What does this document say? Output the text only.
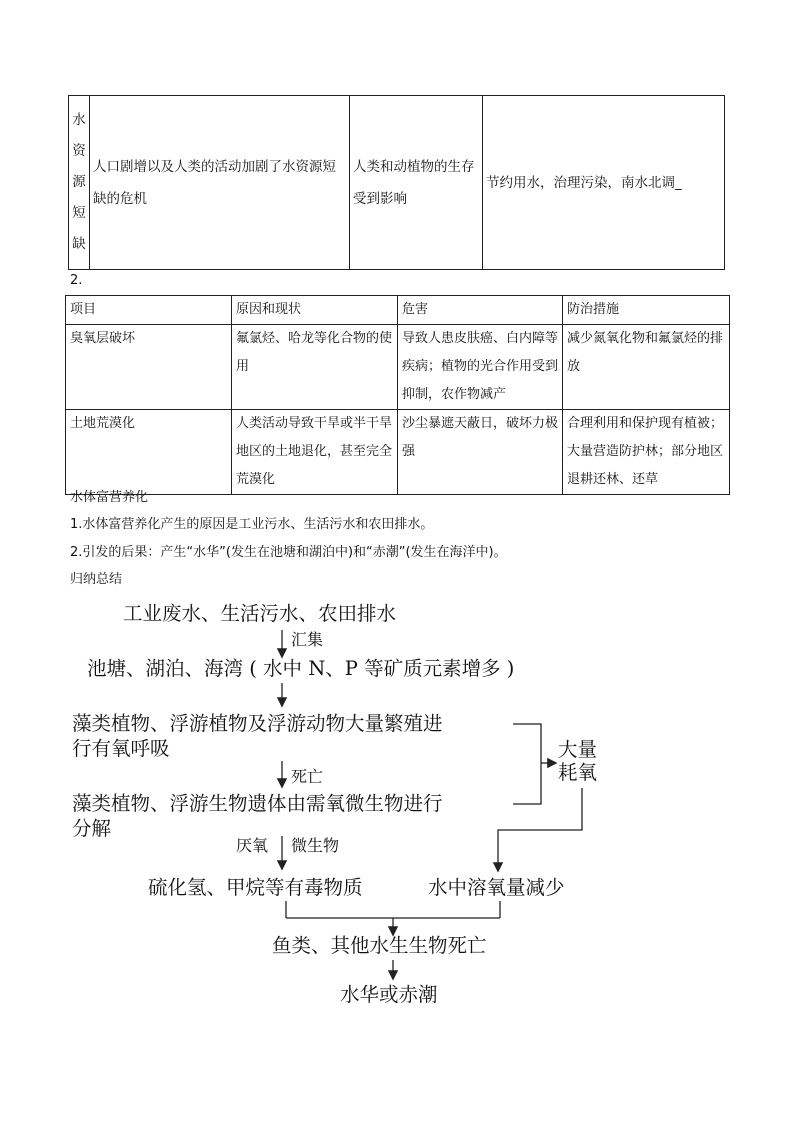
水
资
源
短
缺
	人口剧增以及人类的活动加剧了水资源短缺的危机	人类和动植物的生存受到影响	节约用水，治理污染，南水北调_
2.
项目	原因和现状	危害	防治措施
臭氧层破坏	氟氯烃、哈龙等化合物的使用	导致人患皮肤癌、白内障等疾病；植物的光合作用受到抑制，农作物减产	减少氮氧化物和氟氯烃的排放
土地荒漠化	人类活动导致干旱或半干旱地区的土地退化，甚至完全荒漠化	沙尘暴遮天蔽日，破坏力极强	合理利用和保护现有植被；大量营造防护林；部分地区退耕还林、还草
水体富营养化
1.水体富营养化产生的原因是工业污水、生活污水和农田排水。
2.引发的后果：产生“水华”(发生在池塘和湖泊中)和“赤潮”(发生在海洋中)。
归纳总结
工业废水、生活污水、农田排水
汇集
池塘、湖泊、海湾 ( 水中 N、P 等矿质元素增多 )
藻类植物、浮游植物及浮游动物大量繁殖进
行有氧呼吸	大量
耗氧
死亡
藻类植物、浮游生物遗体由需氧微生物进行
分解
厌氧 微生物
硫化氢、甲烷等有毒物质	水中溶氧量减少
鱼类、其他水生生物死亡
水华或赤潮
